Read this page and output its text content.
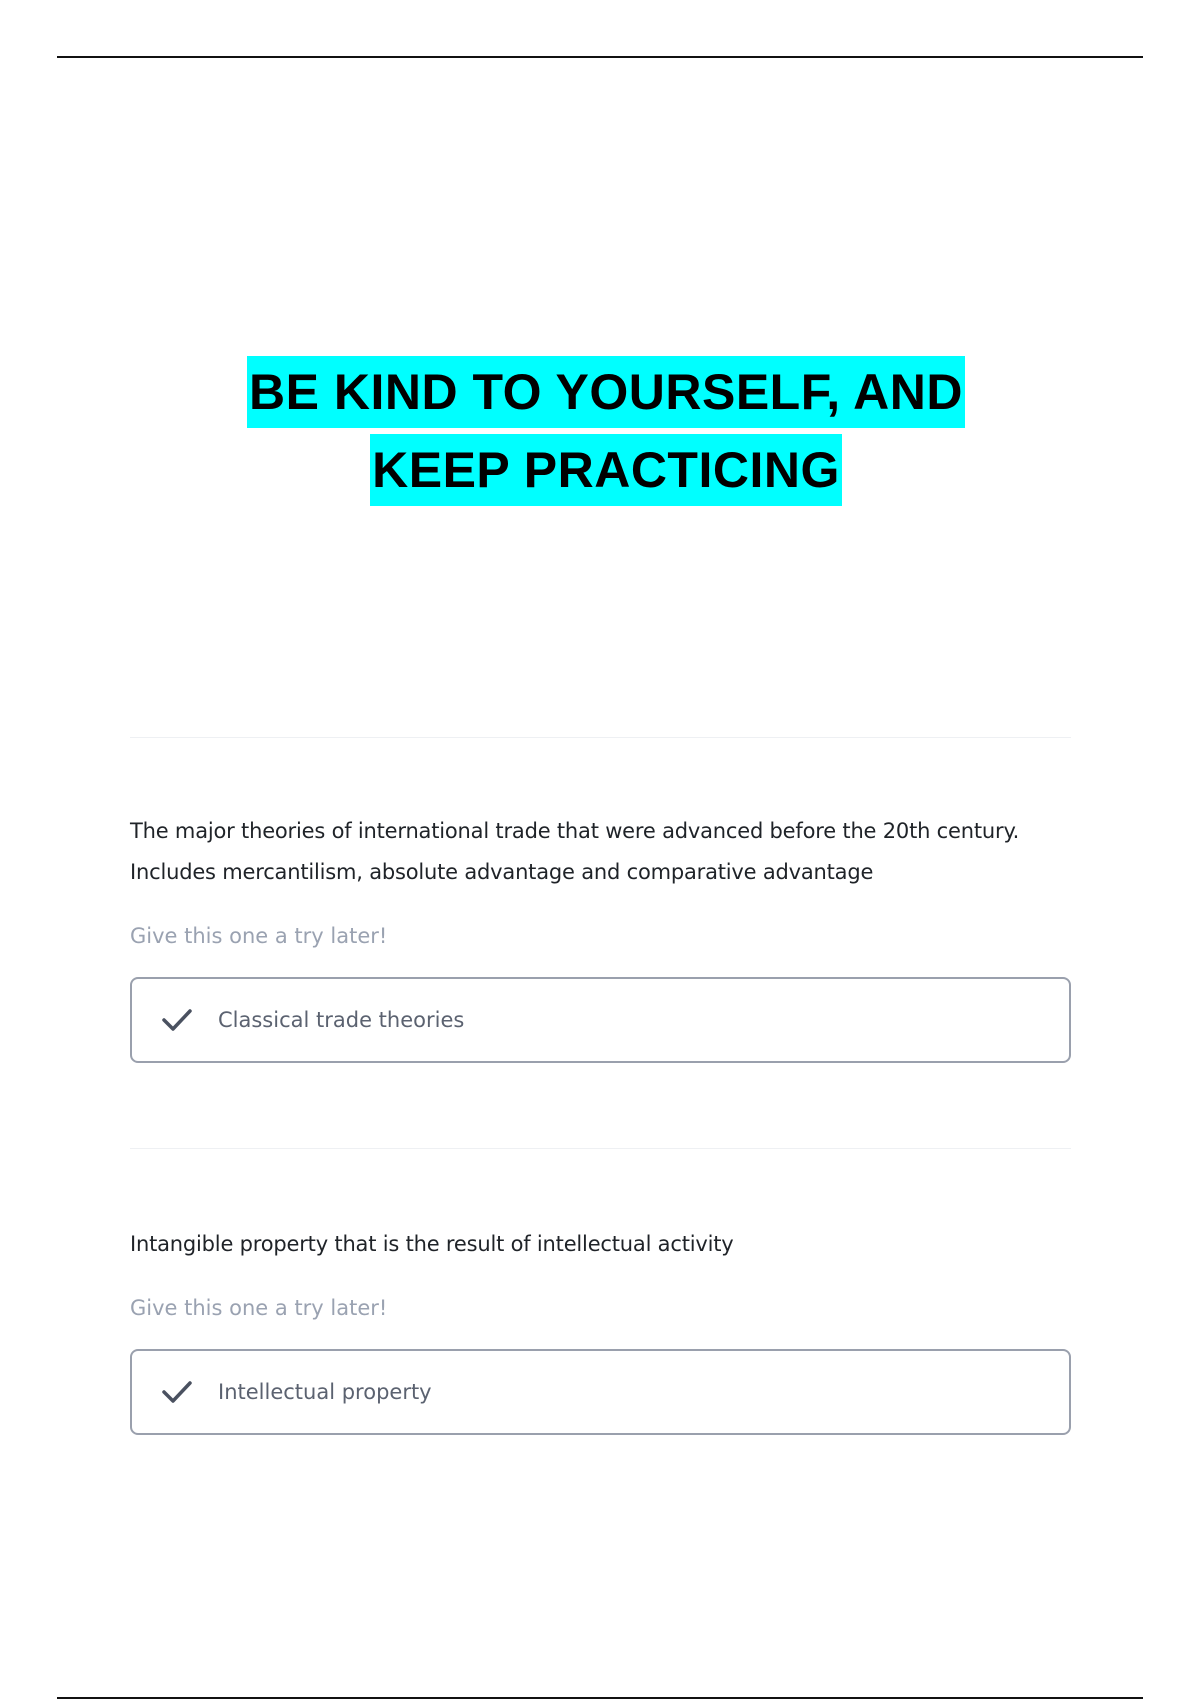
BE KIND TO YOURSELF, AND
KEEP PRACTICING

The major theories of international trade that were advanced before the 20th century.
Includes mercantilism, absolute advantage and comparative advantage

Give this one a try later!
Classical trade theories

Intangible property that is the result of intellectual activity

Give this one a try later!
Intellectual property
